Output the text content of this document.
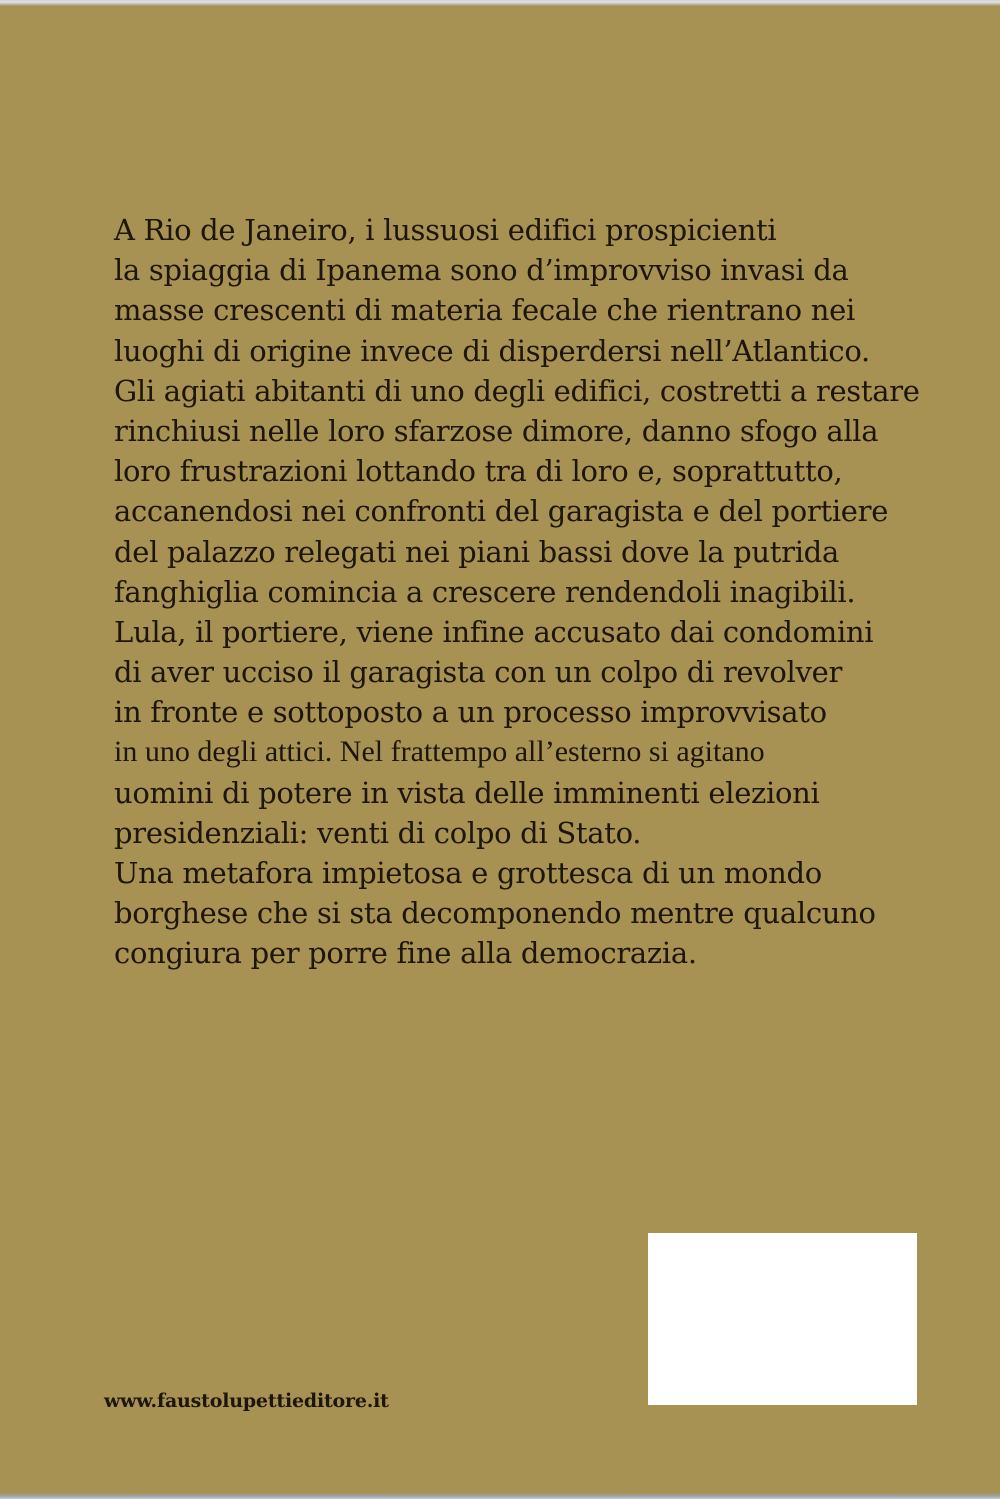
A Rio de Janeiro, i lussuosi edifici prospicienti
la spiaggia di Ipanema sono d’improvviso invasi da
masse crescenti di materia fecale che rientrano nei
luoghi di origine invece di disperdersi nell’Atlantico.
Gli agiati abitanti di uno degli edifici, costretti a restare
rinchiusi nelle loro sfarzose dimore, danno sfogo alla
loro frustrazioni lottando tra di loro e, soprattutto,
accanendosi nei confronti del garagista e del portiere
del palazzo relegati nei piani bassi dove la putrida
fanghiglia comincia a crescere rendendoli inagibili.
Lula, il portiere, viene infine accusato dai condomini
di aver ucciso il garagista con un colpo di revolver
in fronte e sottoposto a un processo improvvisato
in uno degli attici. Nel frattempo all’esterno si agitano
uomini di potere in vista delle imminenti elezioni
presidenziali: venti di colpo di Stato.
Una metafora impietosa e grottesca di un mondo
borghese che si sta decomponendo mentre qualcuno
congiura per porre fine alla democrazia.
www.faustolupettieditore.it
